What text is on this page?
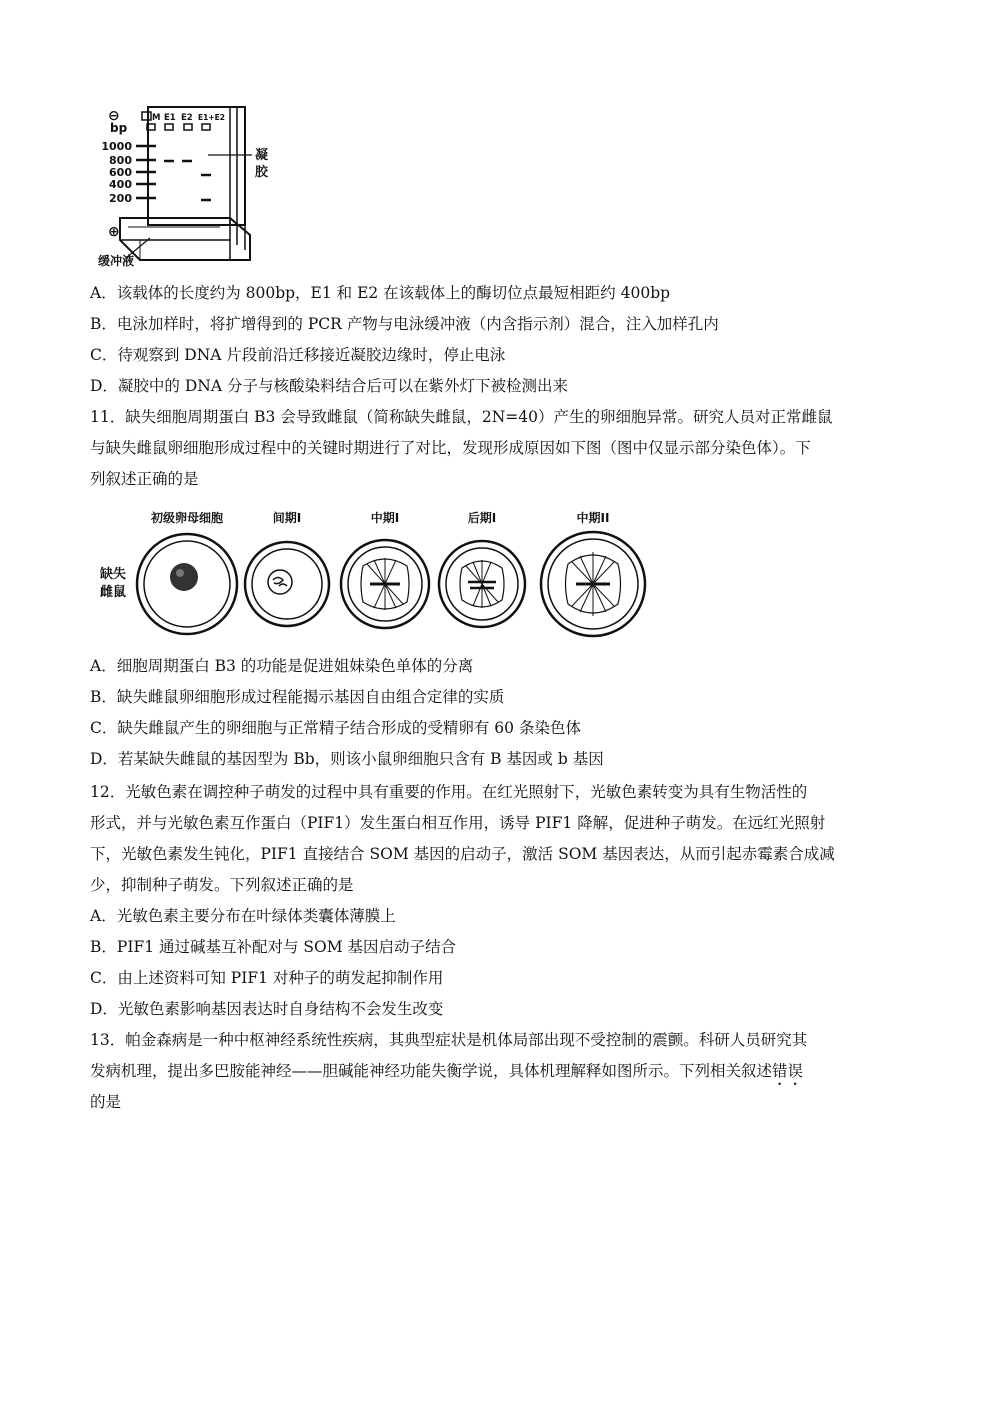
⊖
⊕
bp
M E1 E2 E1+E2
1000
800
600
400
200
凝
胶
缓冲液
A．该载体的长度约为 800bp，E1 和 E2 在该载体上的酶切位点最短相距约 400bp
B．电泳加样时，将扩增得到的 PCR 产物与电泳缓冲液（内含指示剂）混合，注入加样孔内
C．待观察到 DNA 片段前沿迁移接近凝胶边缘时，停止电泳
D．凝胶中的 DNA 分子与核酸染料结合后可以在紫外灯下被检测出来
11．缺失细胞周期蛋白 B3 会导致雌鼠（简称缺失雌鼠，2N=40）产生的卵细胞异常。研究人员对正常雌鼠
与缺失雌鼠卵细胞形成过程中的关键时期进行了对比，发现形成原因如下图（图中仅显示部分染色体）。下
列叙述正确的是
缺失
雌鼠
初级卵母细胞	间期I	中期I	后期I	中期II
A．细胞周期蛋白 B3 的功能是促进姐妹染色单体的分离
B．缺失雌鼠卵细胞形成过程能揭示基因自由组合定律的实质
C．缺失雌鼠产生的卵细胞与正常精子结合形成的受精卵有 60 条染色体
D．若某缺失雌鼠的基因型为 Bb，则该小鼠卵细胞只含有 B 基因或 b 基因
12．光敏色素在调控种子萌发的过程中具有重要的作用。在红光照射下，光敏色素转变为具有生物活性的
形式，并与光敏色素互作蛋白（PIF1）发生蛋白相互作用，诱导 PIF1 降解，促进种子萌发。在远红光照射
下，光敏色素发生钝化，PIF1 直接结合 SOM 基因的启动子，激活 SOM 基因表达，从而引起赤霉素合成减
少，抑制种子萌发。下列叙述正确的是
A．光敏色素主要分布在叶绿体类囊体薄膜上
B．PIF1 通过碱基互补配对与 SOM 基因启动子结合
C．由上述资料可知 PIF1 对种子的萌发起抑制作用
D．光敏色素影响基因表达时自身结构不会发生改变
13．帕金森病是一种中枢神经系统性疾病，其典型症状是机体局部出现不受控制的震颤。科研人员研究其
发病机理，提出多巴胺能神经——胆碱能神经功能失衡学说，具体机理解释如图所示。下列相关叙述错误
的是
